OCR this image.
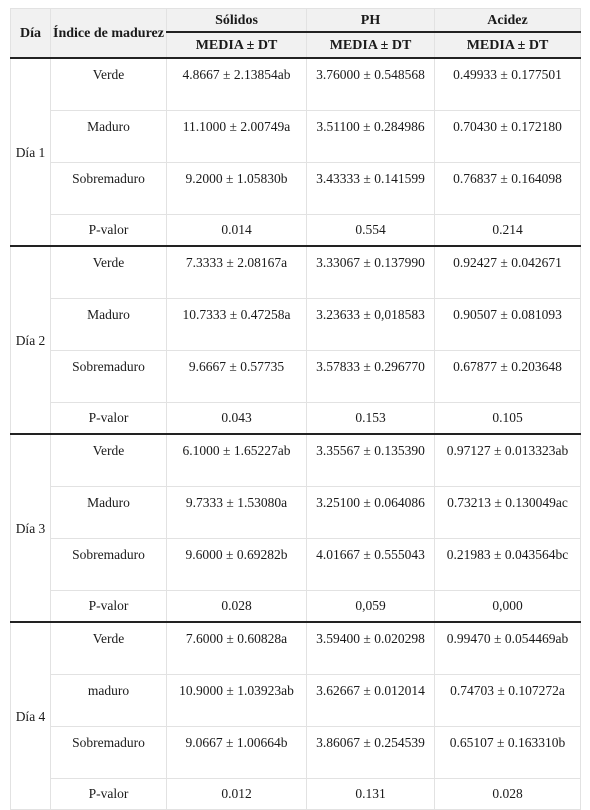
Día	Índice de madurez	Sólidos	PH	Acidez
		MEDIA ± DT	MEDIA ± DT	MEDIA ± DT
Día 1	Verde	4.8667 ± 2.13854ab	3.76000 ± 0.548568	0.49933 ± 0.177501
	Maduro	11.1000 ± 2.00749a	3.51100 ± 0.284986	0.70430 ± 0.172180
	Sobremaduro	9.2000 ± 1.05830b	3.43333 ± 0.141599	0.76837 ± 0.164098
	P-valor	0.014	0.554	0.214
Día 2	Verde	7.3333 ± 2.08167a	3.33067 ± 0.137990	0.92427 ± 0.042671
	Maduro	10.7333 ± 0.47258a	3.23633 ± 0,018583	0.90507 ± 0.081093
	Sobremaduro	9.6667 ± 0.57735	3.57833 ± 0.296770	0.67877 ± 0.203648
	P-valor	0.043	0.153	0.105
Día 3	Verde	6.1000 ± 1.65227ab	3.35567 ± 0.135390	0.97127 ± 0.013323ab
	Maduro	9.7333 ± 1.53080a	3.25100 ± 0.064086	0.73213 ± 0.130049ac
	Sobremaduro	9.6000 ± 0.69282b	4.01667 ± 0.555043	0.21983 ± 0.043564bc
	P-valor	0.028	0,059	0,000
Día 4	Verde	7.6000 ± 0.60828a	3.59400 ± 0.020298	0.99470 ± 0.054469ab
	maduro	10.9000 ± 1.03923ab	3.62667 ± 0.012014	0.74703 ± 0.107272a
	Sobremaduro	9.0667 ± 1.00664b	3.86067 ± 0.254539	0.65107 ± 0.163310b
	P-valor	0.012	0.131	0.028
